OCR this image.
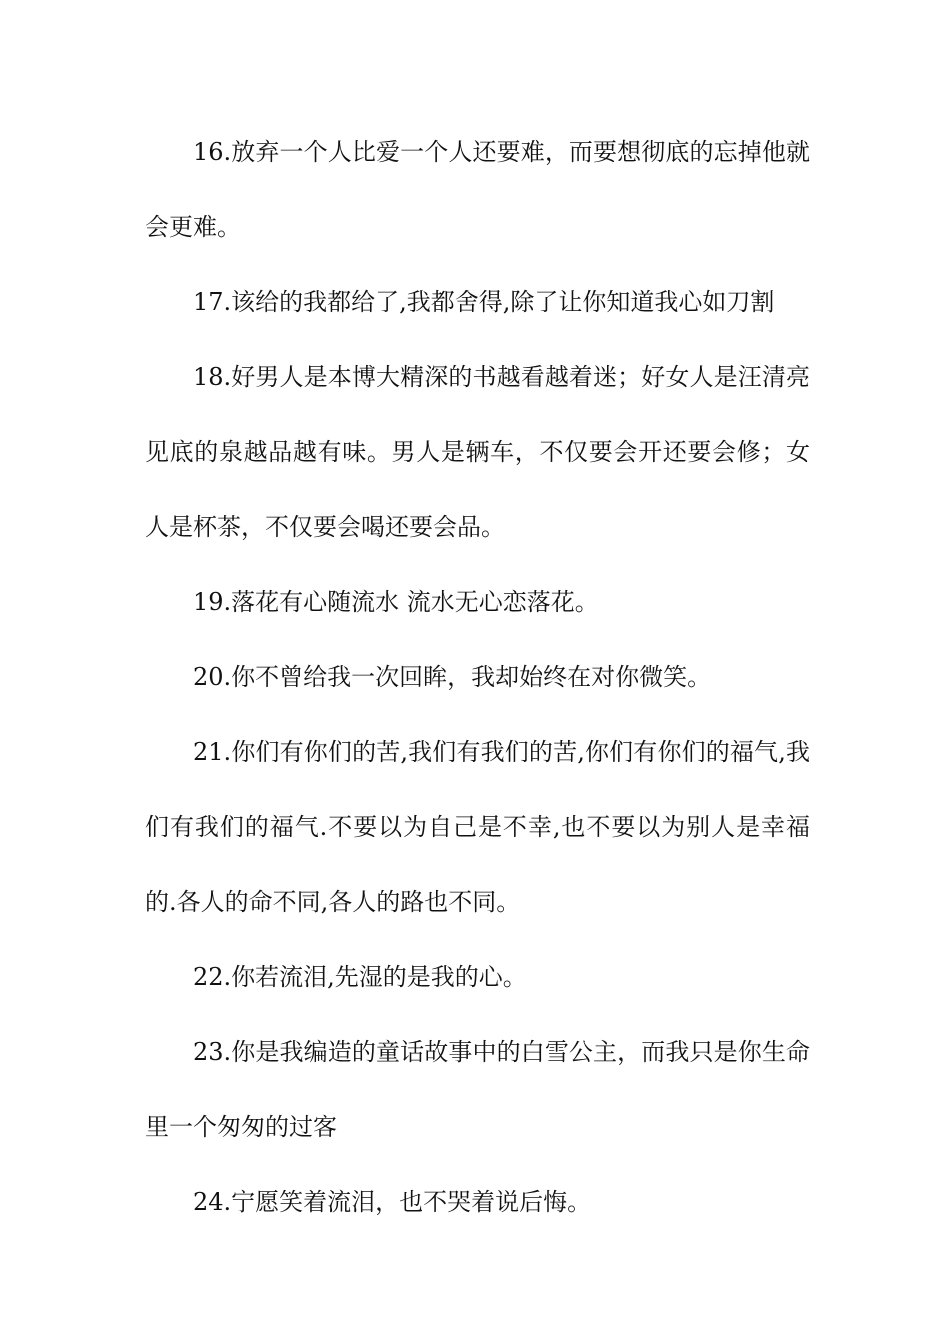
16.放弃一个人比爱一个人还要难，而要想彻底的忘掉他就会更难。

17.该给的我都给了,我都舍得,除了让你知道我心如刀割

18.好男人是本博大精深的书越看越着迷；好女人是汪清亮见底的泉越品越有味。男人是辆车，不仅要会开还要会修；女人是杯茶，不仅要会喝还要会品。

19.落花有心随流水 流水无心恋落花。

20.你不曾给我一次回眸，我却始终在对你微笑。

21.你们有你们的苦,我们有我们的苦,你们有你们的福气,我们有我们的福气.不要以为自己是不幸,也不要以为别人是幸福的.各人的命不同,各人的路也不同。

22.你若流泪,先湿的是我的心。

23.你是我编造的童话故事中的白雪公主，而我只是你生命里一个匆匆的过客

24.宁愿笑着流泪，也不哭着说后悔。
